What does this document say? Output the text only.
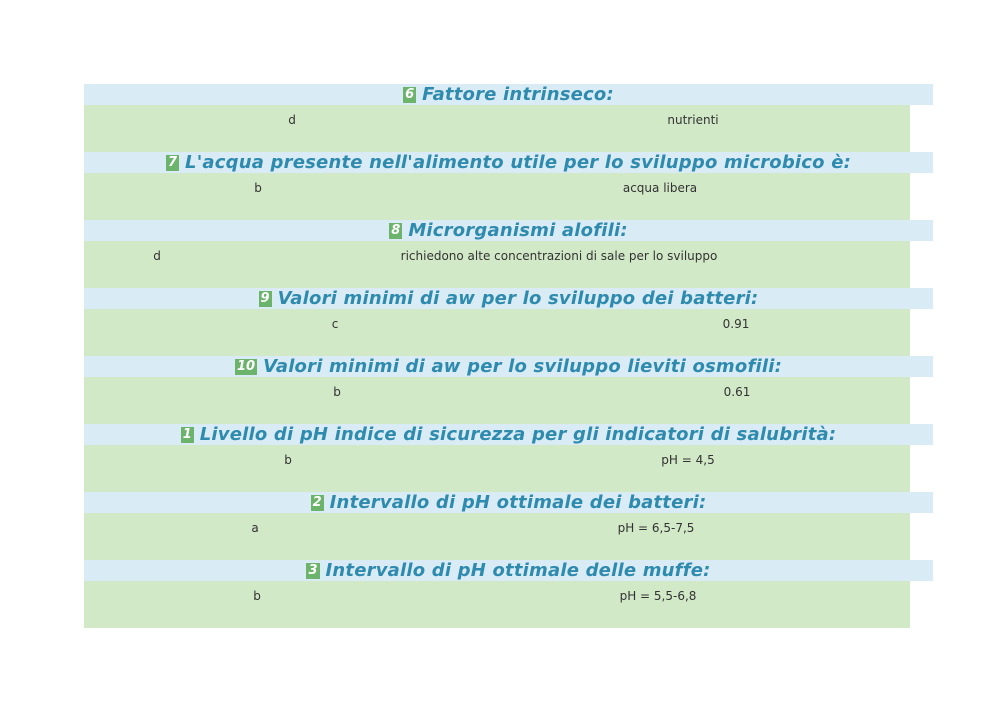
6 Fattore intrinseco:
d	nutrienti
7 L'acqua presente nell'alimento utile per lo sviluppo microbico è:
b	acqua libera
8 Microrganismi alofili:
d	richiedono alte concentrazioni di sale per lo sviluppo
9 Valori minimi di aw per lo sviluppo dei batteri:
c	0.91
10 Valori minimi di aw per lo sviluppo lieviti osmofili:
b	0.61
1 Livello di pH indice di sicurezza per gli indicatori di salubrità:
b	pH = 4,5
2 Intervallo di pH ottimale dei batteri:
a	pH = 6,5-7,5
3 Intervallo di pH ottimale delle muffe:
b	pH = 5,5-6,8
